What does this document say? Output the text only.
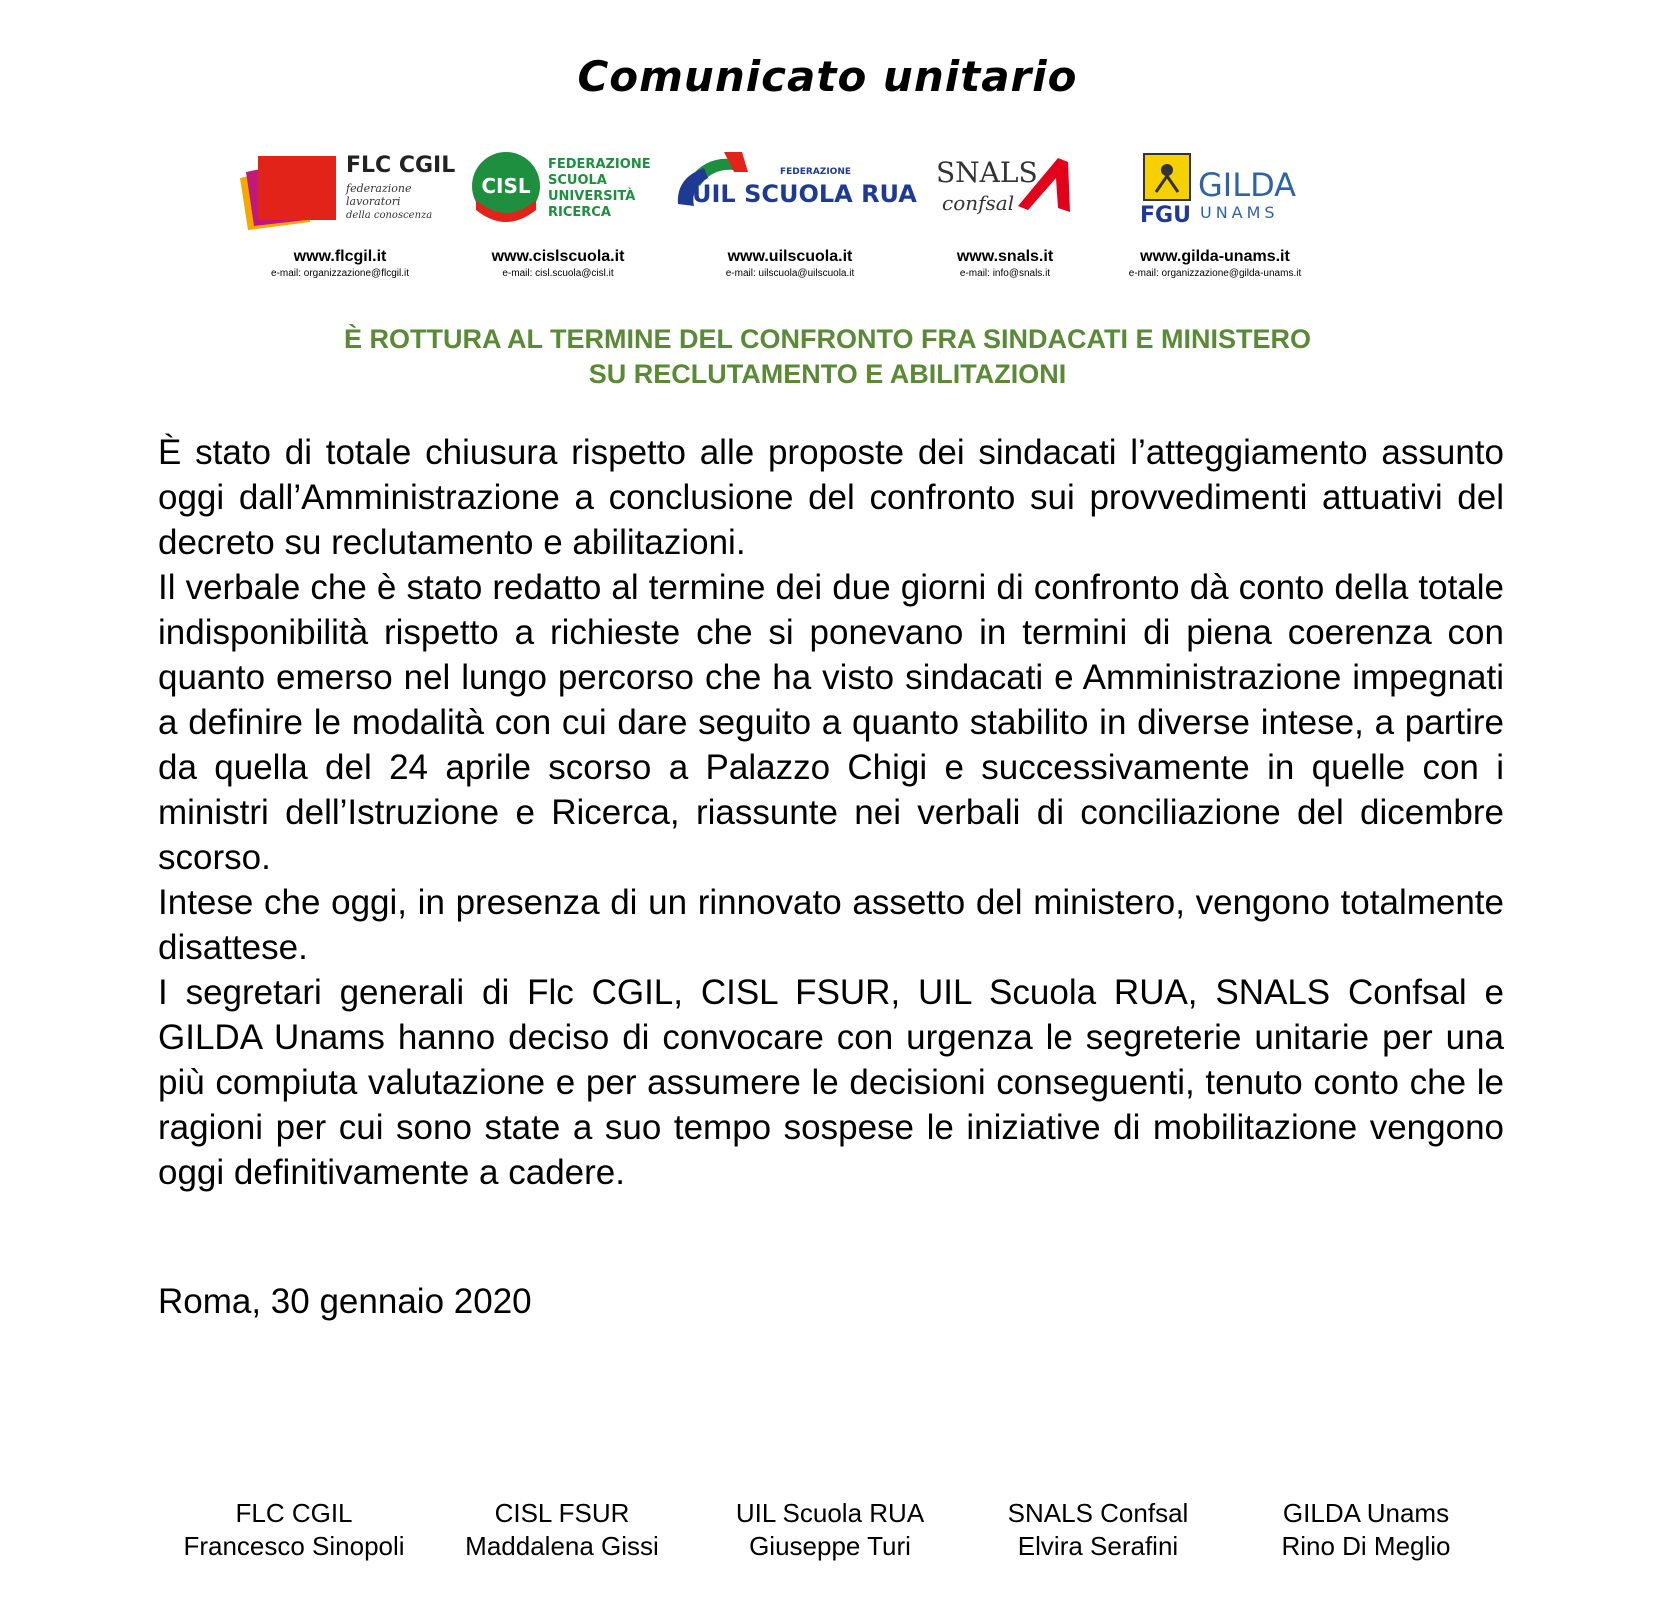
Comunicato unitario
FLC CGIL
federazione
lavoratori
della conoscenza
www.flcgil.it
e-mail: organizzazione@flcgil.it
CISL
FEDERAZIONE
SCUOLA
UNIVERSITÀ
RICERCA
www.cislscuola.it
e-mail: cisl.scuola@cisl.it
FEDERAZIONE
UIL SCUOLA RUA
www.uilscuola.it
e-mail: uilscuola@uilscuola.it
SNALS
confsal
www.snals.it
e-mail: info@snals.it
FGU
GILDA
UNAMS
www.gilda-unams.it
e-mail: organizzazione@gilda-unams.it
È ROTTURA AL TERMINE DEL CONFRONTO FRA SINDACATI E MINISTERO
SU RECLUTAMENTO E ABILITAZIONI

È stato di totale chiusura rispetto alle proposte dei sindacati l’atteggiamento assunto oggi dall’Amministrazione a conclusione del confronto sui provvedimenti attuativi del decreto su reclutamento e abilitazioni.

Il verbale che è stato redatto al termine dei due giorni di confronto dà conto della totale indisponibilità rispetto a richieste che si ponevano in termini di piena coerenza con quanto emerso nel lungo percorso che ha visto sindacati e Amministrazione impegnati a definire le modalità con cui dare seguito a quanto stabilito in diverse intese, a partire da quella del 24 aprile scorso a Palazzo Chigi e successivamente in quelle con i ministri dell’Istruzione e Ricerca, riassunte nei verbali di conciliazione del dicembre scorso.

Intese che oggi, in presenza di un rinnovato assetto del ministero, vengono totalmente disattese.

I segretari generali di Flc CGIL, CISL FSUR, UIL Scuola RUA, SNALS Confsal e GILDA Unams hanno deciso di convocare con urgenza le segreterie unitarie per una più compiuta valutazione e per assumere le decisioni conseguenti, tenuto conto che le ragioni per cui sono state a suo tempo sospese le iniziative di mobilitazione vengono oggi definitivamente a cadere.

Roma, 30 gennaio 2020
FLC CGIL
Francesco Sinopoli
CISL FSUR
Maddalena Gissi
UIL Scuola RUA
Giuseppe Turi
SNALS Confsal
Elvira Serafini
GILDA Unams
Rino Di Meglio
